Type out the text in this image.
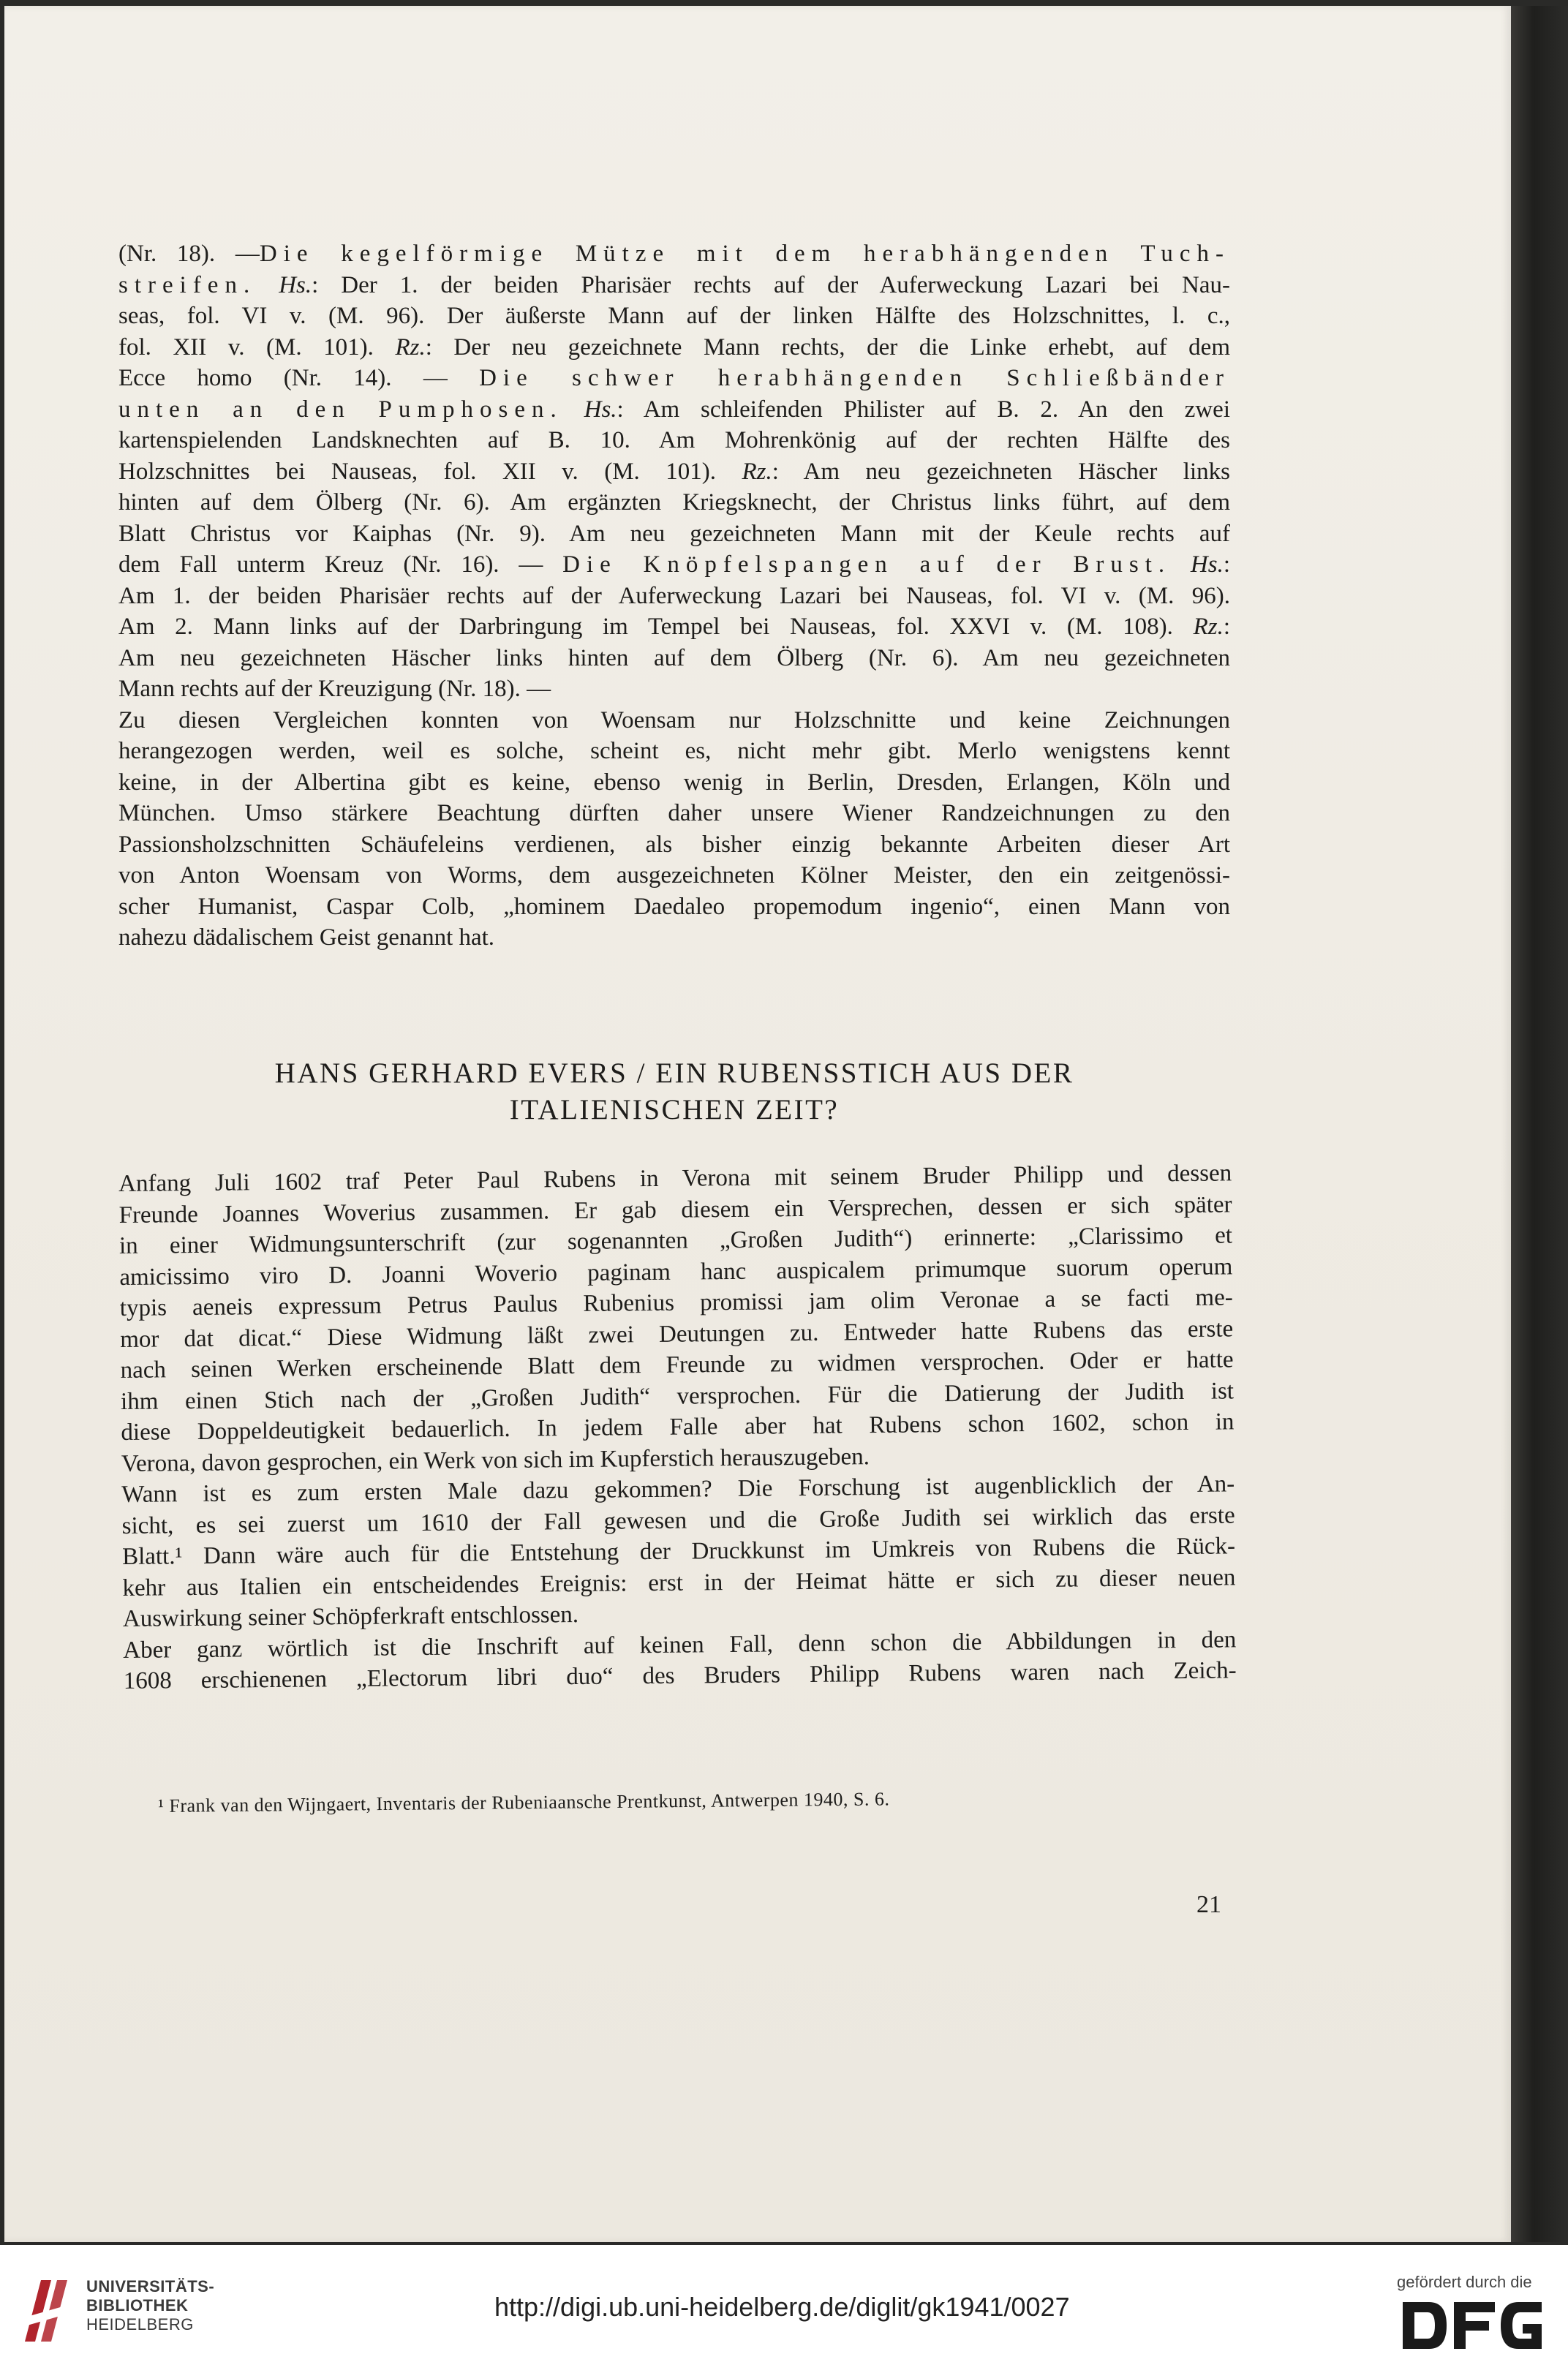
(Nr. 18). —Die kegelförmige Mütze mit dem herabhängenden Tuch-
streifen. Hs.: Der 1. der beiden Pharisäer rechts auf der Auferweckung Lazari bei Nau-
seas, fol. VI v. (M. 96). Der äußerste Mann auf der linken Hälfte des Holzschnittes, l. c.,
fol. XII v. (M. 101). Rz.: Der neu gezeichnete Mann rechts, der die Linke erhebt, auf dem
Ecce homo (Nr. 14). — Die schwer herabhängenden Schließbänder
unten an den Pumphosen. Hs.: Am schleifenden Philister auf B. 2. An den zwei
kartenspielenden Landsknechten auf B. 10. Am Mohrenkönig auf der rechten Hälfte des
Holzschnittes bei Nauseas, fol. XII v. (M. 101). Rz.: Am neu gezeichneten Häscher links
hinten auf dem Ölberg (Nr. 6). Am ergänzten Kriegsknecht, der Christus links führt, auf dem
Blatt Christus vor Kaiphas (Nr. 9). Am neu gezeichneten Mann mit der Keule rechts auf
dem Fall unterm Kreuz (Nr. 16). — Die Knöpfelspangen auf der Brust. Hs.:
Am 1. der beiden Pharisäer rechts auf der Auferweckung Lazari bei Nauseas, fol. VI v. (M. 96).
Am 2. Mann links auf der Darbringung im Tempel bei Nauseas, fol. XXVI v. (M. 108). Rz.:
Am neu gezeichneten Häscher links hinten auf dem Ölberg (Nr. 6). Am neu gezeichneten
Mann rechts auf der Kreuzigung (Nr. 18). —
Zu diesen Vergleichen konnten von Woensam nur Holzschnitte und keine Zeichnungen
herangezogen werden, weil es solche, scheint es, nicht mehr gibt. Merlo wenigstens kennt
keine, in der Albertina gibt es keine, ebenso wenig in Berlin, Dresden, Erlangen, Köln und
München. Umso stärkere Beachtung dürften daher unsere Wiener Randzeichnungen zu den
Passionsholzschnitten Schäufeleins verdienen, als bisher einzig bekannte Arbeiten dieser Art
von Anton Woensam von Worms, dem ausgezeichneten Kölner Meister, den ein zeitgenössi-
scher Humanist, Caspar Colb, „hominem Daedaleo propemodum ingenio“, einen Mann von
nahezu dädalischem Geist genannt hat.
HANS GERHARD EVERS / EIN RUBENSSTICH AUS DER
ITALIENISCHEN ZEIT?
Anfang Juli 1602 traf Peter Paul Rubens in Verona mit seinem Bruder Philipp und dessen
Freunde Joannes Woverius zusammen. Er gab diesem ein Versprechen, dessen er sich später
in einer Widmungsunterschrift (zur sogenannten „Großen Judith“) erinnerte: „Clarissimo et
amicissimo viro D. Joanni Woverio paginam hanc auspicalem primumque suorum operum
typis aeneis expressum Petrus Paulus Rubenius promissi jam olim Veronae a se facti me-
mor dat dicat.“ Diese Widmung läßt zwei Deutungen zu. Entweder hatte Rubens das erste
nach seinen Werken erscheinende Blatt dem Freunde zu widmen versprochen. Oder er hatte
ihm einen Stich nach der „Großen Judith“ versprochen. Für die Datierung der Judith ist
diese Doppeldeutigkeit bedauerlich. In jedem Falle aber hat Rubens schon 1602, schon in
Verona, davon gesprochen, ein Werk von sich im Kupferstich herauszugeben.
Wann ist es zum ersten Male dazu gekommen? Die Forschung ist augenblicklich der An-
sicht, es sei zuerst um 1610 der Fall gewesen und die Große Judith sei wirklich das erste
Blatt.¹ Dann wäre auch für die Entstehung der Druckkunst im Umkreis von Rubens die Rück-
kehr aus Italien ein entscheidendes Ereignis: erst in der Heimat hätte er sich zu dieser neuen
Auswirkung seiner Schöpferkraft entschlossen.
Aber ganz wörtlich ist die Inschrift auf keinen Fall, denn schon die Abbildungen in den
1608 erschienenen „Electorum libri duo“ des Bruders Philipp Rubens waren nach Zeich-
¹ Frank van den Wijngaert, Inventaris der Rubeniaansche Prentkunst, Antwerpen 1940, S. 6.
21
UNIVERSITÄTS-
BIBLIOTHEK
HEIDELBERG
http://digi.ub.uni-heidelberg.de/diglit/gk1941/0027
gefördert durch die
